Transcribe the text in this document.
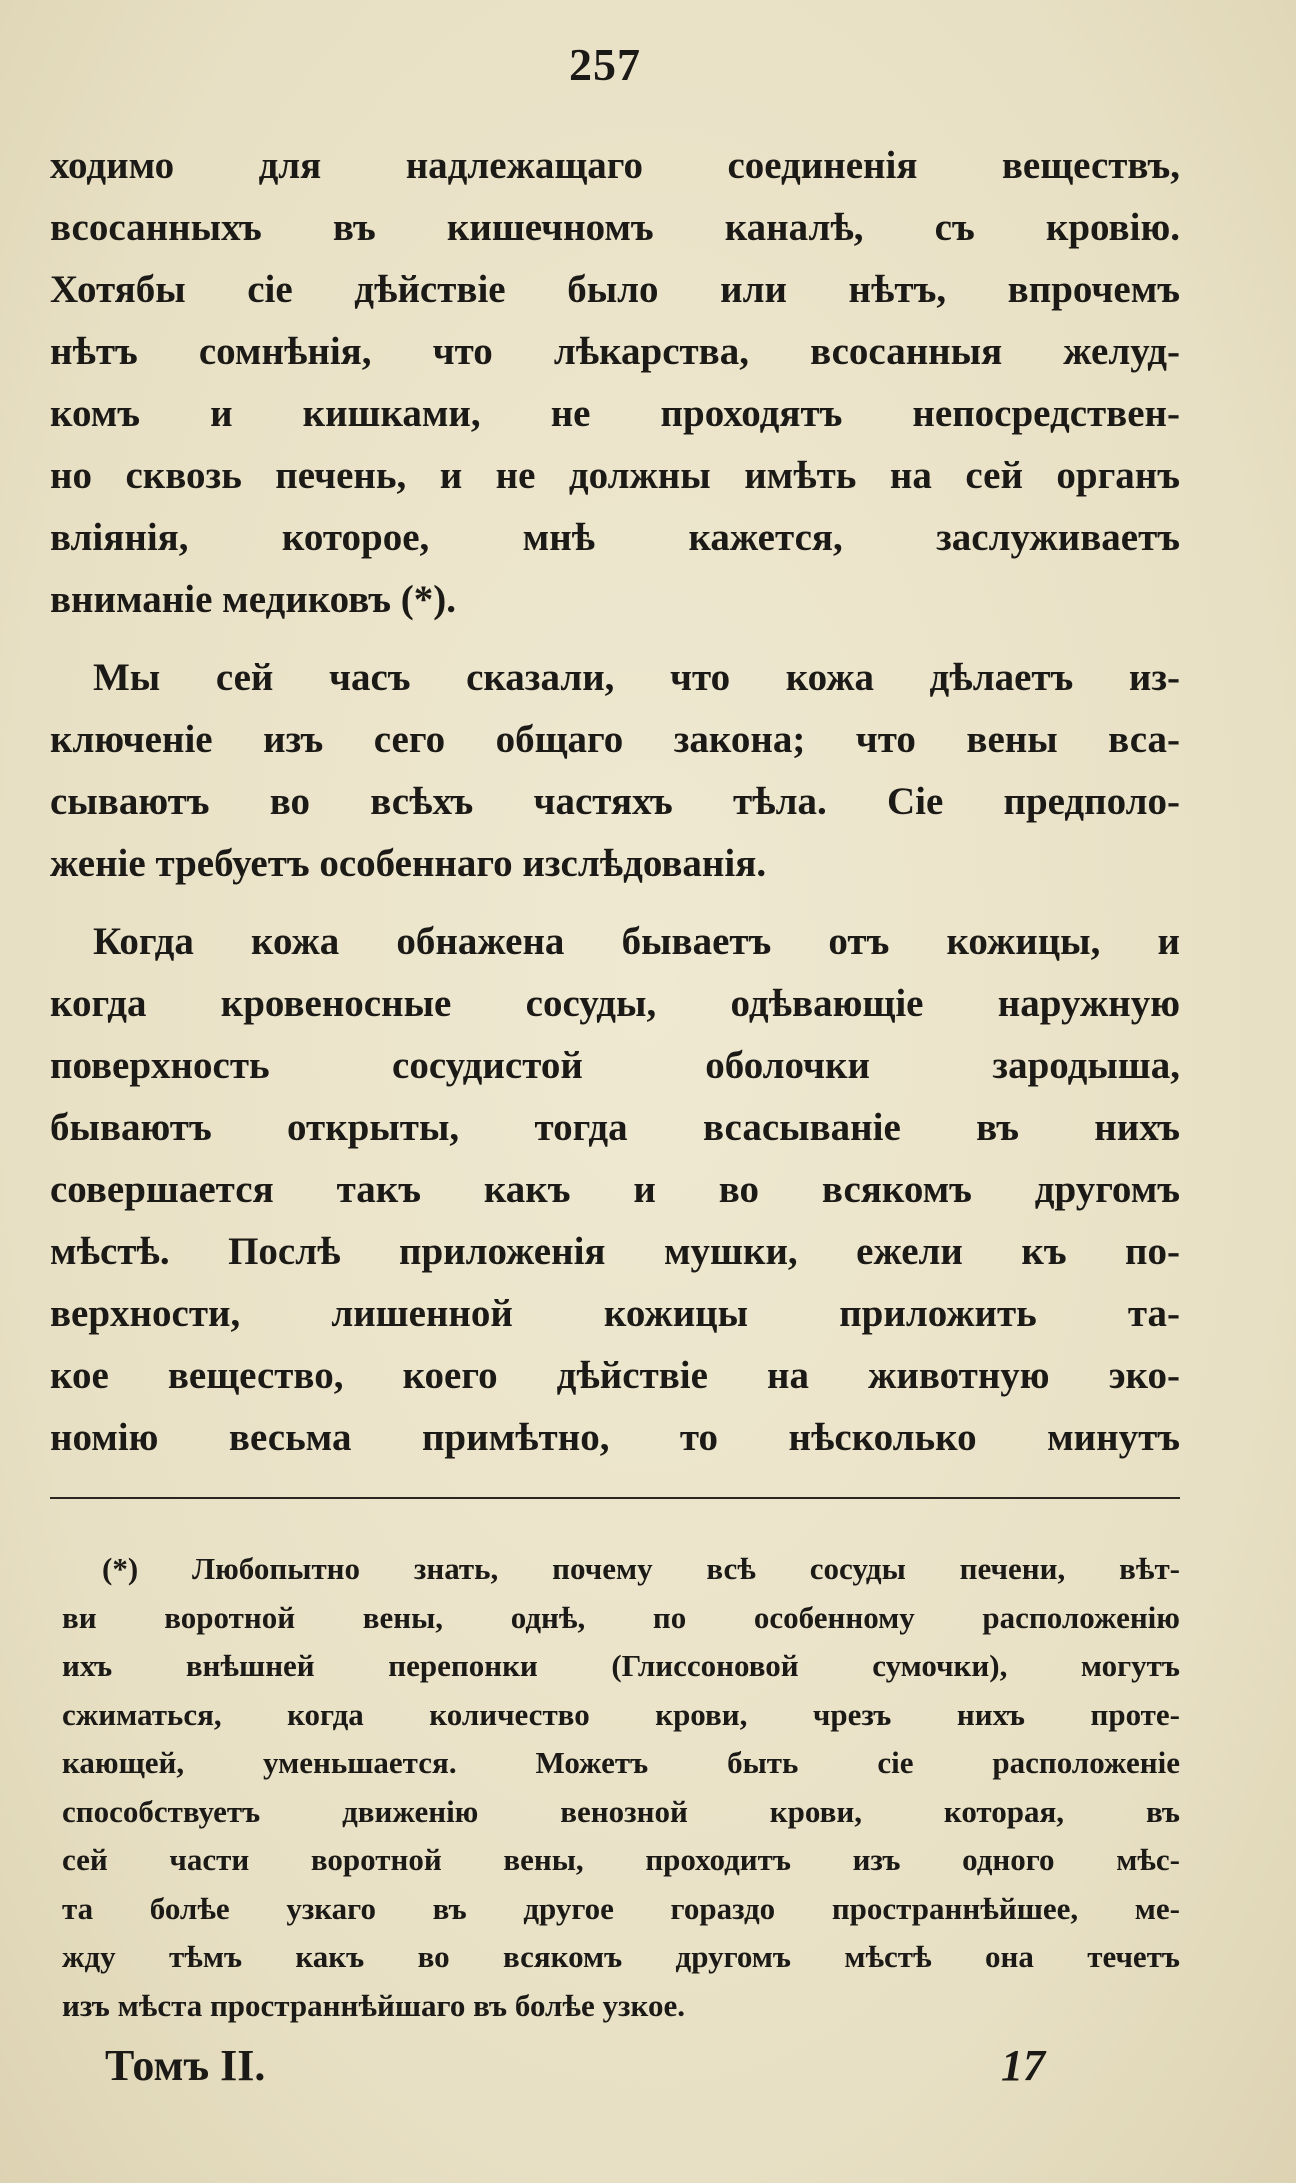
257
ходимо для надлежащаго соединенія веществъ,
всосанныхъ въ кишечномъ каналѣ, съ кровію.
Хотябы сіе дѣйствіе было или нѣтъ, впрочемъ
нѣтъ сомнѣнія, что лѣкарства, всосанныя желуд-
комъ и кишками, не проходятъ непосредствен-
но сквозь печень, и не должны имѣть на сей органъ
вліянія, которое, мнѣ кажется, заслуживаетъ
вниманіе медиковъ (*).
Мы сей часъ сказали, что кожа дѣлаетъ из-
ключеніе изъ сего общаго закона; что вены вса-
сываютъ во всѣхъ частяхъ тѣла. Сіе предполо-
женіе требуетъ особеннаго изслѣдованія.
Когда кожа обнажена бываетъ отъ кожицы, и
когда кровеносные сосуды, одѣвающіе наружную
поверхность сосудистой оболочки зародыша,
бываютъ открыты, тогда всасываніе въ нихъ
совершается такъ какъ и во всякомъ другомъ
мѣстѣ. Послѣ приложенія мушки, ежели къ по-
верхности, лишенной кожицы приложить та-
кое вещество, коего дѣйствіе на животную эко-
номію весьма примѣтно, то нѣсколько минутъ
(*) Любопытно знать, почему всѣ сосуды печени, вѣт-
ви воротной вены, однѣ, по особенному расположенію
ихъ внѣшней перепонки (Глиссоновой сумочки), могутъ
сжиматься, когда количество крови, чрезъ нихъ проте-
кающей, уменьшается. Можетъ быть сіе расположеніе
способствуетъ движенію венозной крови, которая, въ
сей части воротной вены, проходитъ изъ одного мѣс-
та болѣе узкаго въ другое гораздо пространнѣйшее, ме-
жду тѣмъ какъ во всякомъ другомъ мѣстѣ она течетъ
изъ мѣста пространнѣйшаго въ болѣе узкое.
Томъ II.	17
